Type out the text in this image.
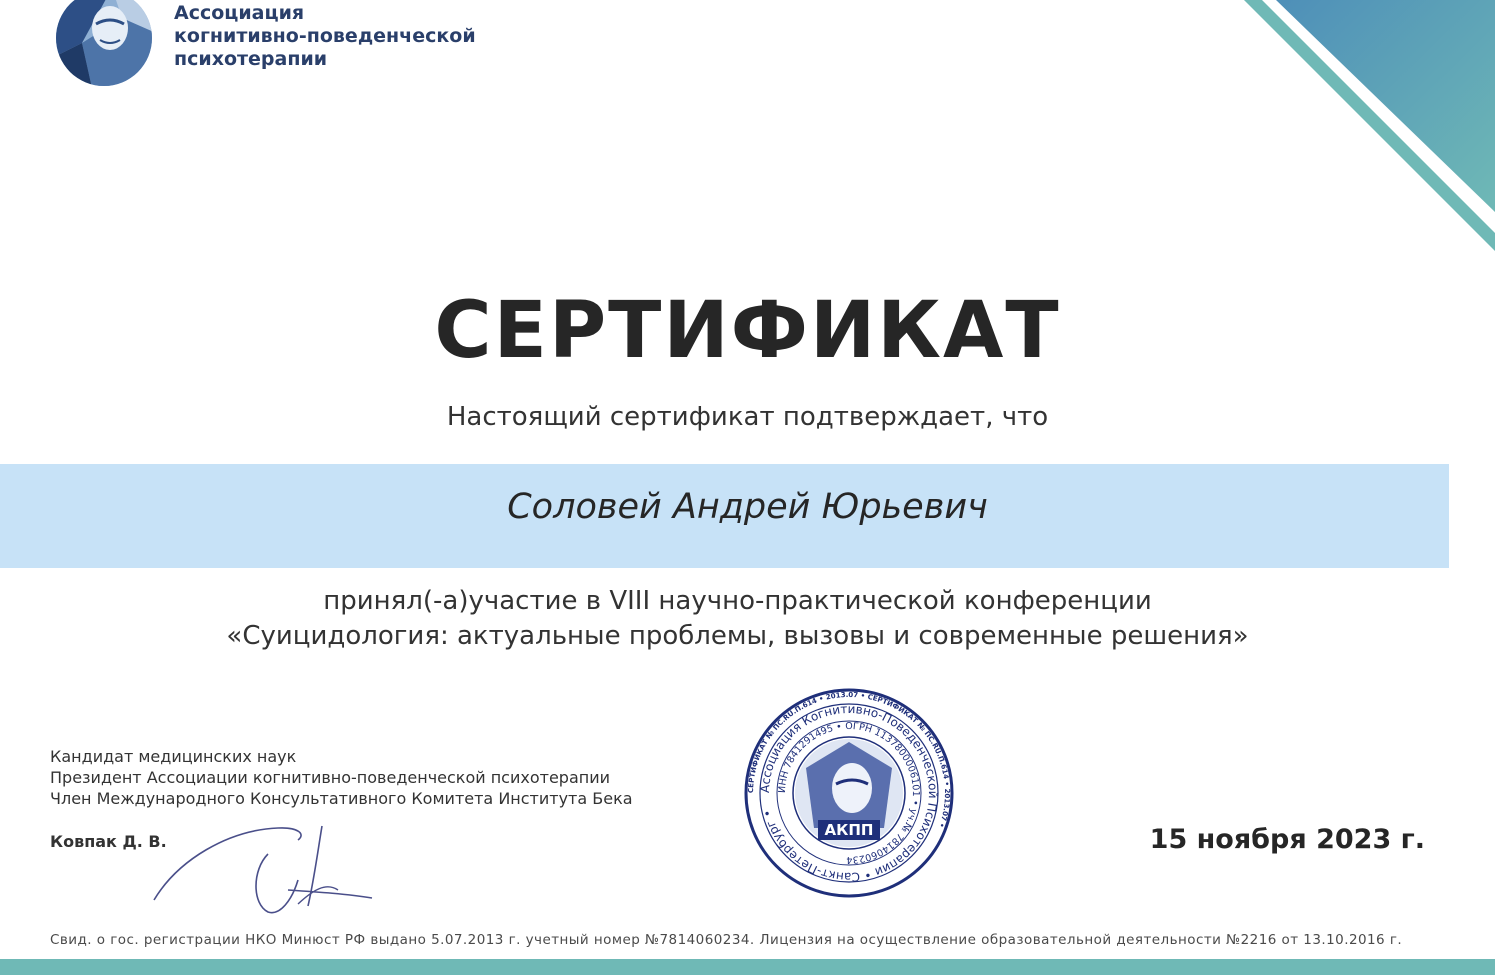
Ассоциация
когнитивно-поведенческой
психотерапии
СЕРТИФИКАТ
Настоящий сертификат подтверждает, что
Соловей Андрей Юрьевич
принял(-а)участие в VIII научно-практической конференции
«Суицидология: актуальные проблемы, вызовы и современные решения»
Кандидат медицинских наук
Президент Ассоциации когнитивно-поведенческой психотерапии
Член Международного Консультативного Комитета Института Бека
Ковпак Д. В.
СЕРТИФИКАТ № ПС.RU.П.614 • 2013.07 • СЕРТИФИКАТ № ПС.RU.П.614 • 2013.07 •
Ассоциация Когнитивно-Поведенческой Психотерапии • Санкт-Петербург •
ИНН 7841291495 • ОГРН 1137800006101 • уч.№ 7814060234
АКПП	15 ноября 2023 г.
Свид. о гос. регистрации НКО Минюст РФ выдано 5.07.2013 г. учетный номер №7814060234. Лицензия на осуществление образовательной деятельности №2216 от 13.10.2016 г.
